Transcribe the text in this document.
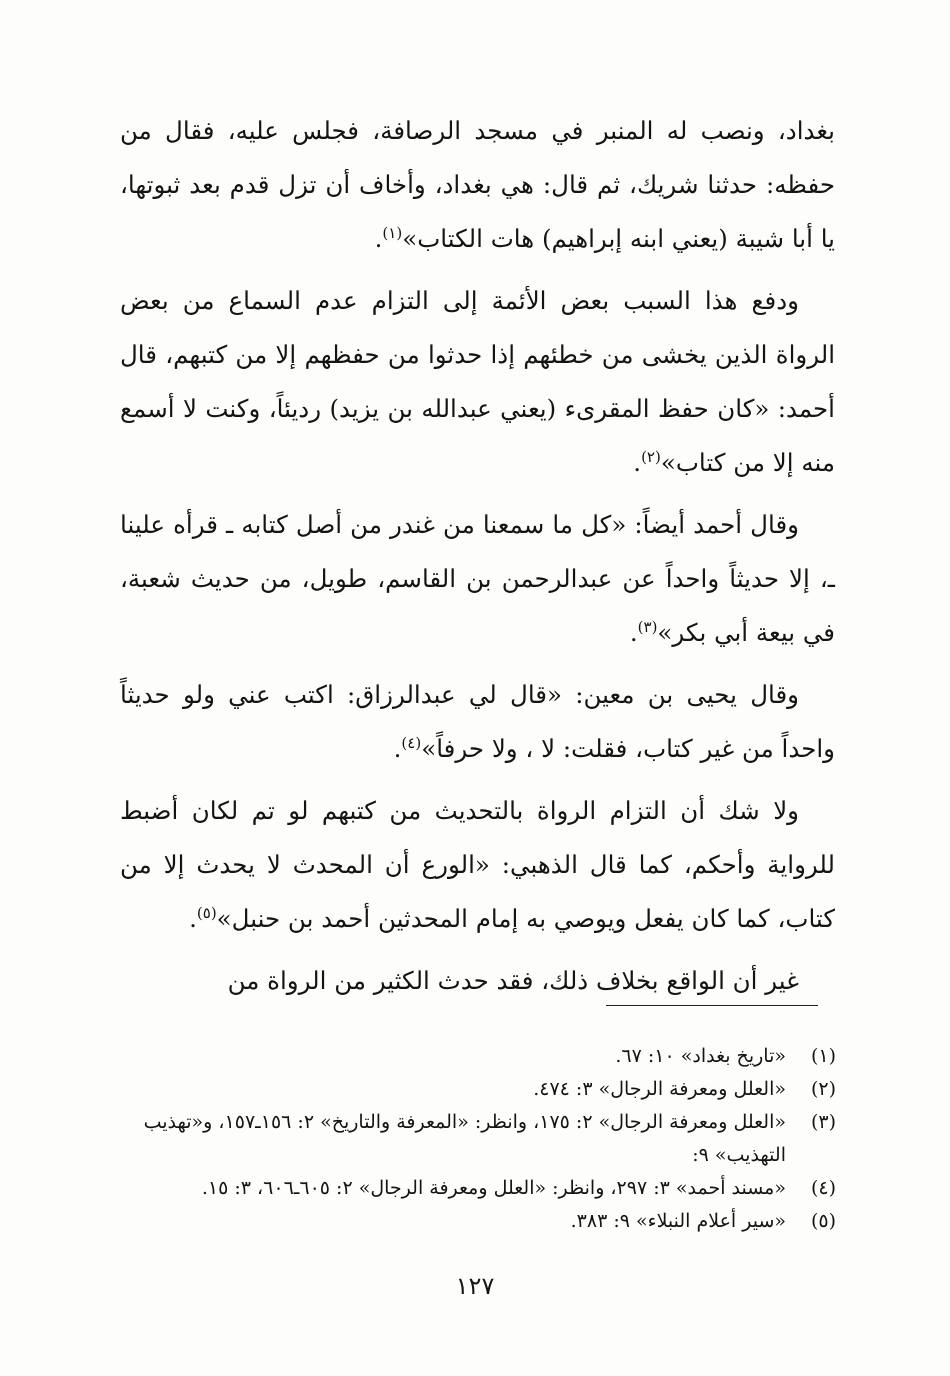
بغداد، ونصب له المنبر في مسجد الرصافة، فجلس عليه، فقال من حفظه: حدثنا شريك، ثم قال: هي بغداد، وأخاف أن تزل قدم بعد ثبوتها، يا أبا شيبة (يعني ابنه إبراهيم) هات الكتاب»$^{(١)}$.

ودفع هذا السبب بعض الأئمة إلى التزام عدم السماع من بعض الرواة الذين يخشى من خطئهم إذا حدثوا من حفظهم إلا من كتبهم، قال أحمد: «كان حفظ المقرىء (يعني عبدالله بن يزيد) رديئاً، وكنت لا أسمع منه إلا من كتاب»$^{(٢)}$.

وقال أحمد أيضاً: «كل ما سمعنا من غندر من أصل كتابه ـ قرأه علينا ـ، إلا حديثاً واحداً عن عبدالرحمن بن القاسم، طويل، من حديث شعبة، في بيعة أبي بكر»$^{(٣)}$.

وقال يحيى بن معين: «قال لي عبدالرزاق: اكتب عني ولو حديثاً واحداً من غير كتاب، فقلت: لا ، ولا حرفاً»$^{(٤)}$.

ولا شك أن التزام الرواة بالتحديث من كتبهم لو تم لكان أضبط للرواية وأحكم، كما قال الذهبي: «الورع أن المحدث لا يحدث إلا من كتاب، كما كان يفعل ويوصي به إمام المحدثين أحمد بن حنبل»$^{(٥)}$.

غير أن الواقع بخلاف ذلك، فقد حدث الكثير من الرواة من

(١)
«تاريخ بغداد» ١٠: ٦٧.
(٢)
«العلل ومعرفة الرجال» ٣: ٤٧٤.
(٣)
«العلل ومعرفة الرجال» ٢: ١٧٥، وانظر: «المعرفة والتاريخ» ٢: ١٥٦ـ١٥٧، و«تهذيب التهذيب» ٩:
(٤)
«مسند أحمد» ٣: ٢٩٧، وانظر: «العلل ومعرفة الرجال» ٢: ٦٠٥ـ٦٠٦، ٣: ١٥.
(٥)
«سير أعلام النبلاء» ٩: ٣٨٣.
١٢٧
